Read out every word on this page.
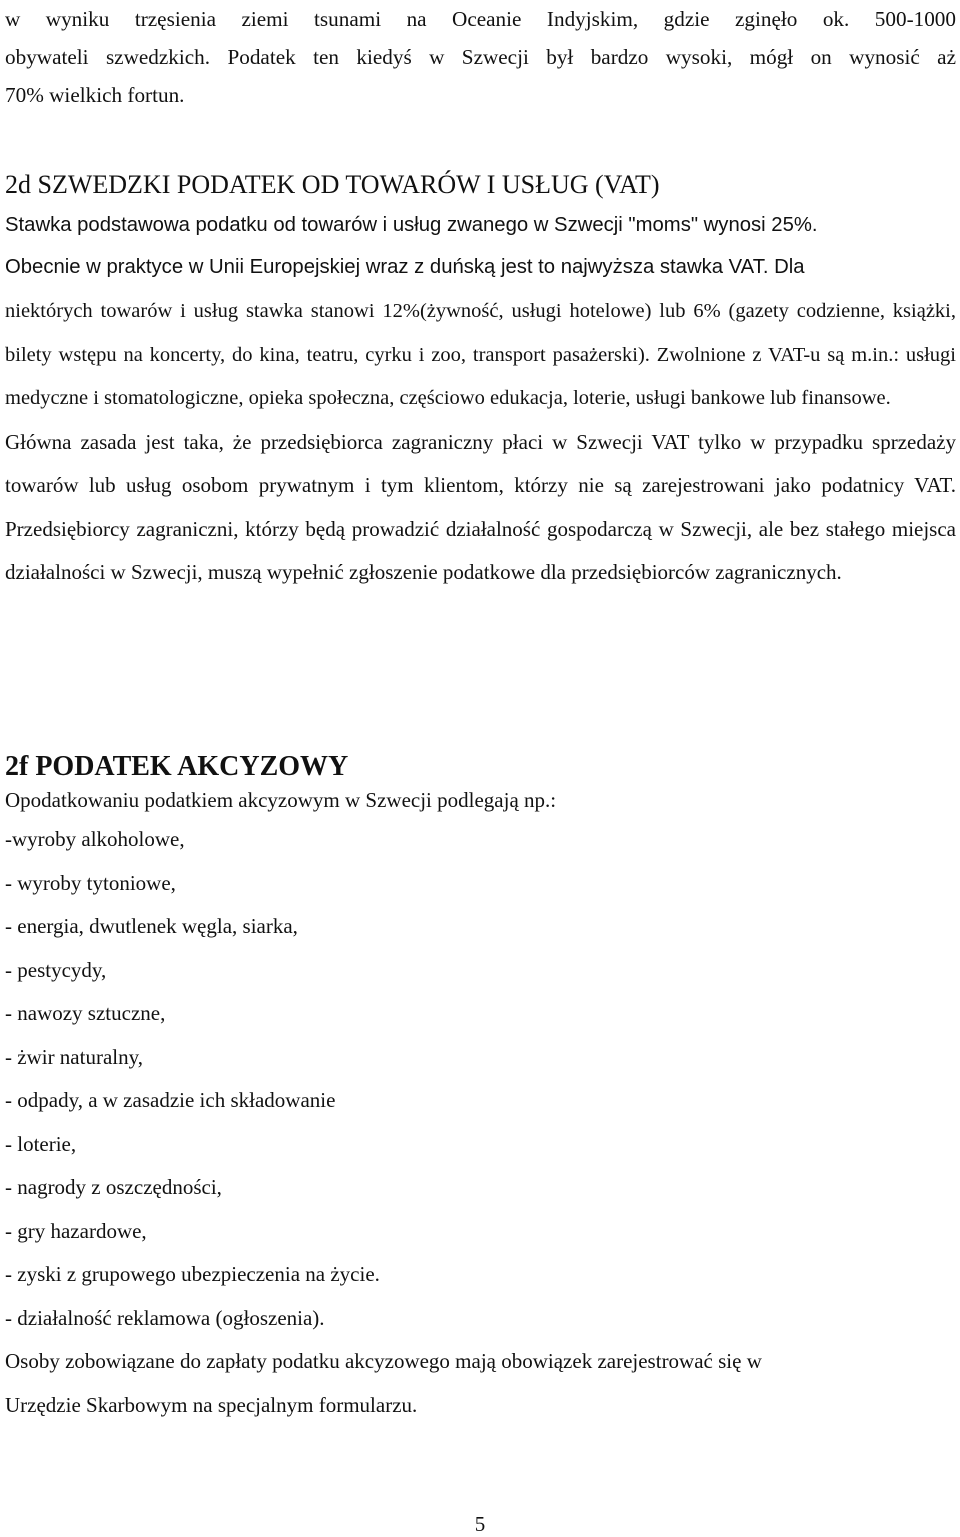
w wyniku trzęsienia ziemi tsunami na Oceanie Indyjskim, gdzie zginęło ok. 500-1000

obywateli szwedzkich. Podatek ten kiedyś w Szwecji był bardzo wysoki, mógł on wynosić aż

70% wielkich fortun.

2d SZWEDZKI PODATEK OD TOWARÓW I USŁUG (VAT)

Stawka podstawowa podatku od towarów i usług zwanego w Szwecji "moms" wynosi 25%.

Obecnie w praktyce w Unii Europejskiej wraz z duńską jest to najwyższa stawka VAT. Dla

niektórych towarów i usług stawka stanowi 12%(żywność, usługi hotelowe) lub 6% (gazety codzienne, książki, bilety wstępu na koncerty, do kina, teatru, cyrku i zoo, transport pasażerski). Zwolnione z VAT-u są m.in.: usługi medyczne i stomatologiczne, opieka społeczna, częściowo edukacja, loterie, usługi bankowe lub finansowe.

Główna zasada jest taka, że przedsiębiorca zagraniczny płaci w Szwecji VAT tylko w przypadku sprzedaży towarów lub usług osobom prywatnym i tym klientom, którzy nie są zarejestrowani jako podatnicy VAT. Przedsiębiorcy zagraniczni, którzy będą prowadzić działalność gospodarczą w Szwecji, ale bez stałego miejsca działalności w Szwecji, muszą wypełnić zgłoszenie podatkowe dla przedsiębiorców zagranicznych.

2f PODATEK AKCYZOWY

Opodatkowaniu podatkiem akcyzowym w Szwecji podlegają np.:

-wyroby alkoholowe,
- wyroby tytoniowe,
- energia, dwutlenek węgla, siarka,
- pestycydy,
- nawozy sztuczne,
- żwir naturalny,
- odpady, a w zasadzie ich składowanie
- loterie,
- nagrody z oszczędności,
- gry hazardowe,
- zyski z grupowego ubezpieczenia na życie.
- działalność reklamowa (ogłoszenia).

Osoby zobowiązane do zapłaty podatku akcyzowego mają obowiązek zarejestrować się w

Urzędzie Skarbowym na specjalnym formularzu.

5
